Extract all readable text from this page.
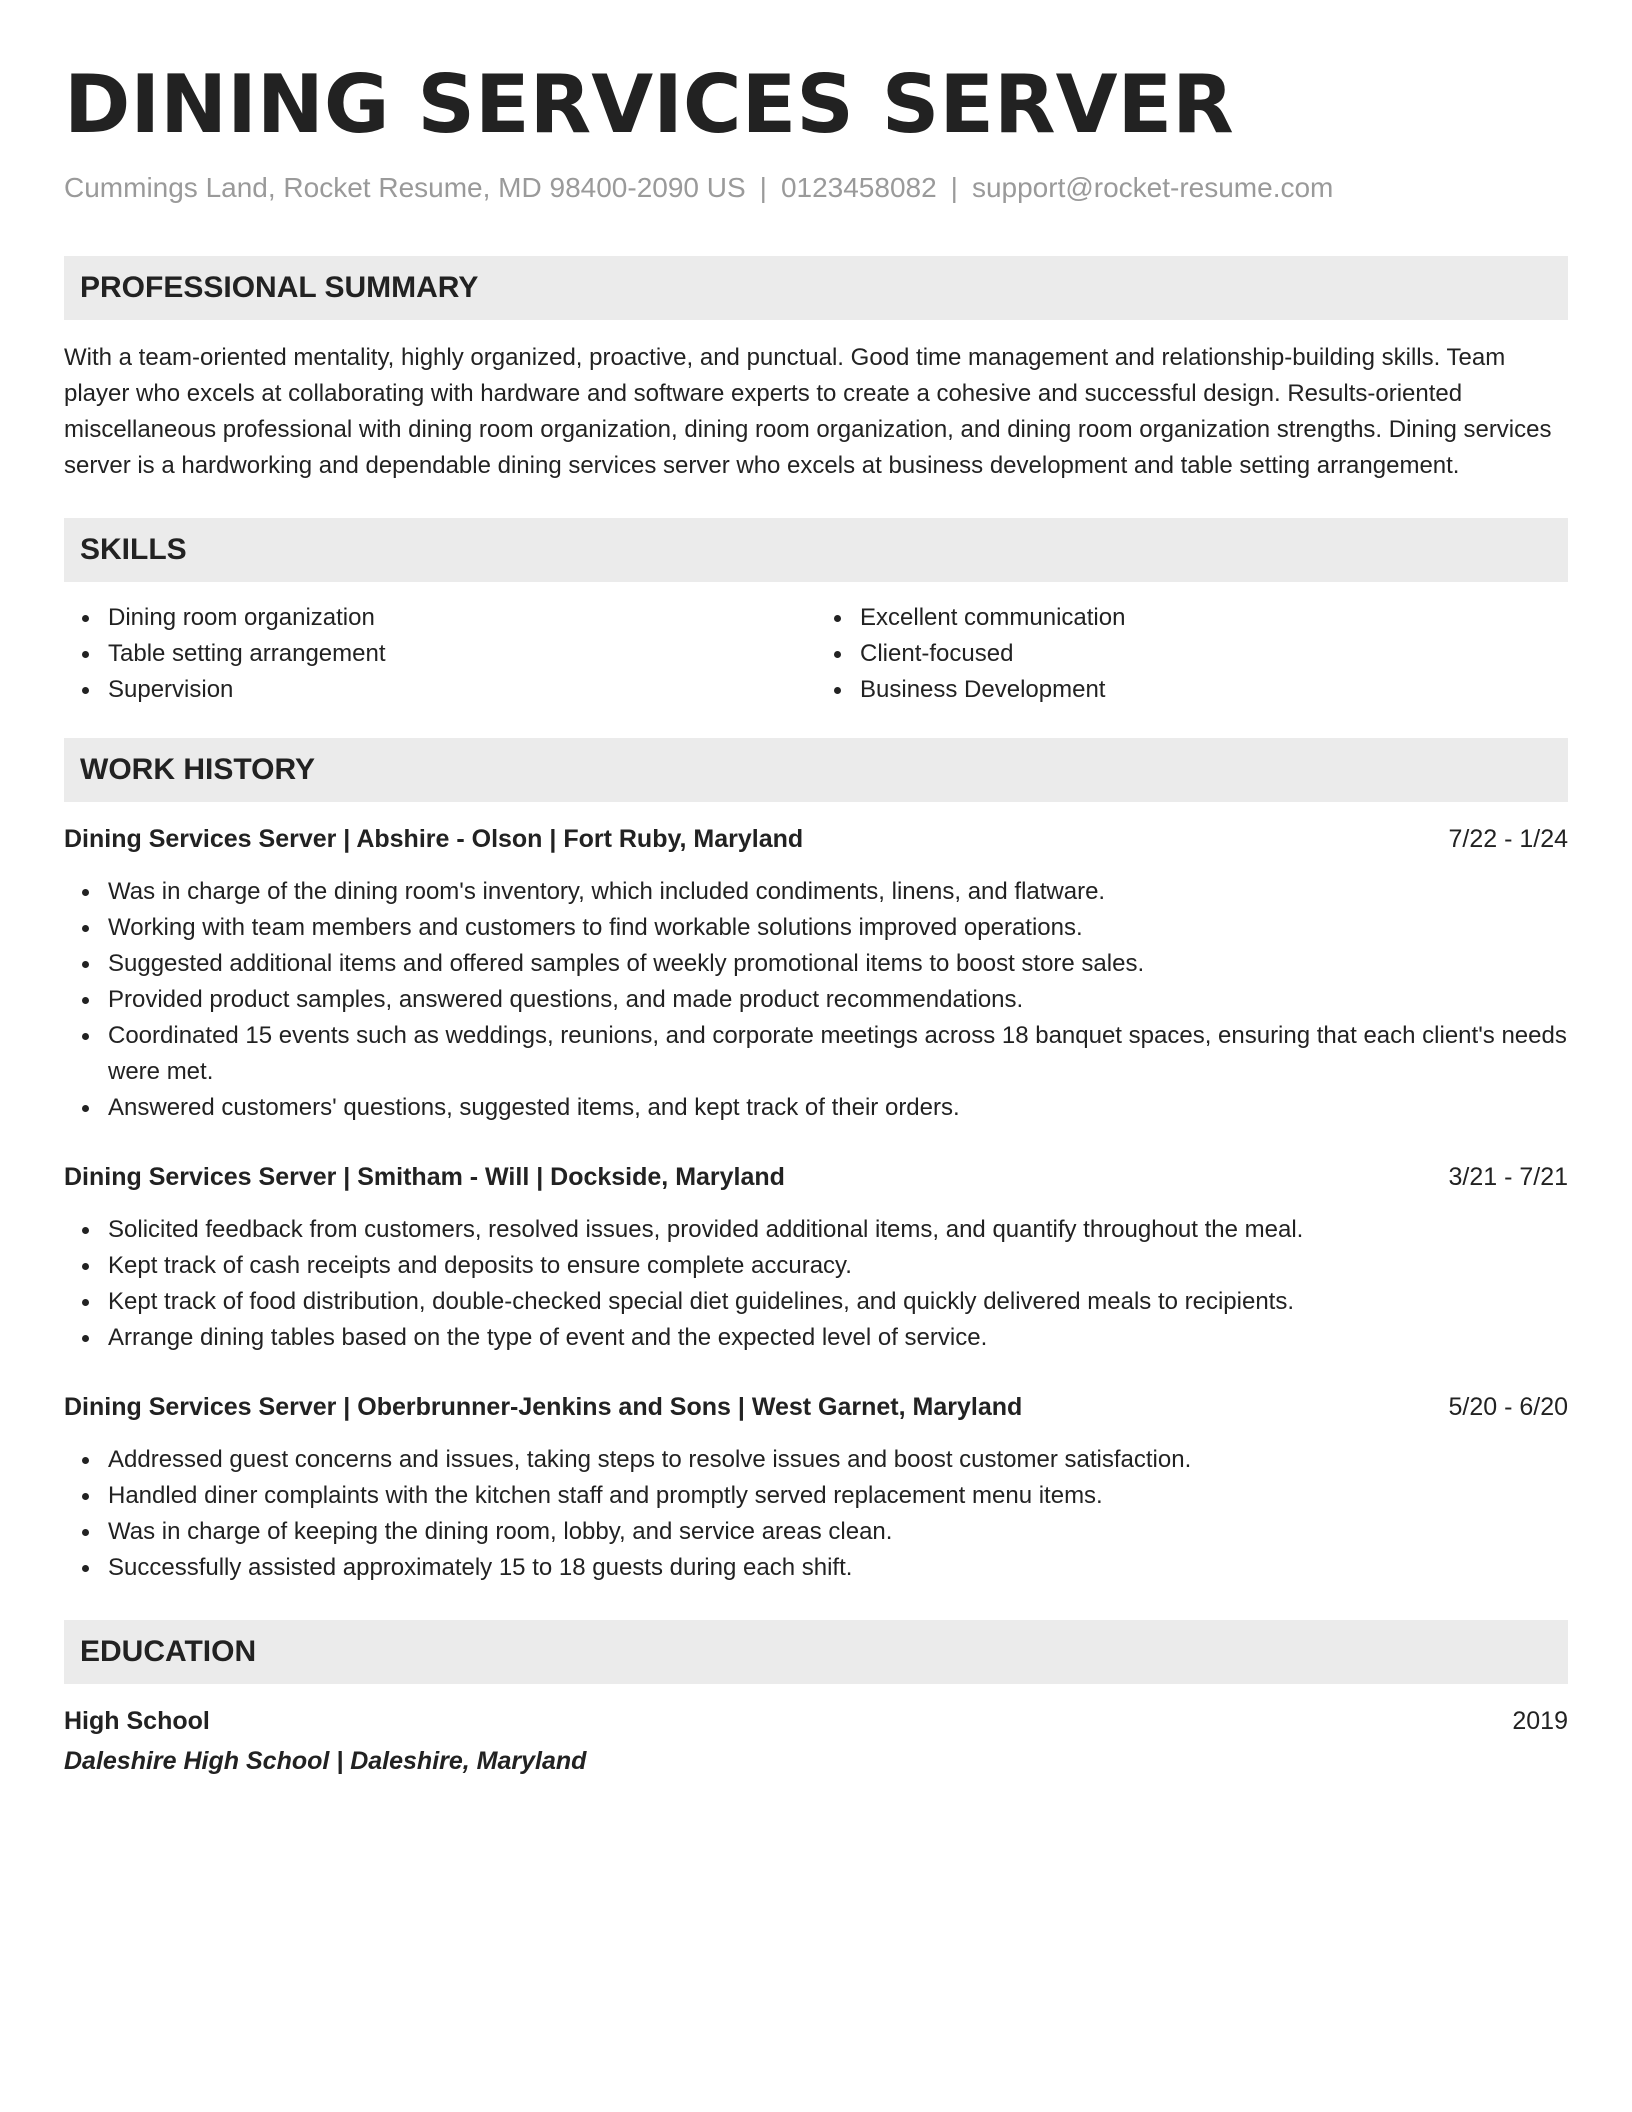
DINING SERVICES SERVER
Cummings Land, Rocket Resume, MD 98400-2090 US | 0123458082 | support@rocket-resume.com
PROFESSIONAL SUMMARY
With a team-oriented mentality, highly organized, proactive, and punctual. Good time management and relationship-building skills. Team player who excels at collaborating with hardware and software experts to create a cohesive and successful design. Results-oriented miscellaneous professional with dining room organization, dining room organization, and dining room organization strengths. Dining services server is a hardworking and dependable dining services server who excels at business development and table setting arrangement.
SKILLS
Dining room organization
Table setting arrangement
Supervision
Excellent communication
Client-focused
Business Development
WORK HISTORY
Dining Services Server | Abshire - Olson | Fort Ruby, Maryland	7/22 - 1/24
Was in charge of the dining room's inventory, which included condiments, linens, and flatware.
Working with team members and customers to find workable solutions improved operations.
Suggested additional items and offered samples of weekly promotional items to boost store sales.
Provided product samples, answered questions, and made product recommendations.
Coordinated 15 events such as weddings, reunions, and corporate meetings across 18 banquet spaces, ensuring that each client's needs were met.
Answered customers' questions, suggested items, and kept track of their orders.
Dining Services Server | Smitham - Will | Dockside, Maryland	3/21 - 7/21
Solicited feedback from customers, resolved issues, provided additional items, and quantify throughout the meal.
Kept track of cash receipts and deposits to ensure complete accuracy.
Kept track of food distribution, double-checked special diet guidelines, and quickly delivered meals to recipients.
Arrange dining tables based on the type of event and the expected level of service.
Dining Services Server | Oberbrunner-Jenkins and Sons | West Garnet, Maryland	5/20 - 6/20
Addressed guest concerns and issues, taking steps to resolve issues and boost customer satisfaction.
Handled diner complaints with the kitchen staff and promptly served replacement menu items.
Was in charge of keeping the dining room, lobby, and service areas clean.
Successfully assisted approximately 15 to 18 guests during each shift.
EDUCATION
High School	2019
Daleshire High School | Daleshire, Maryland
